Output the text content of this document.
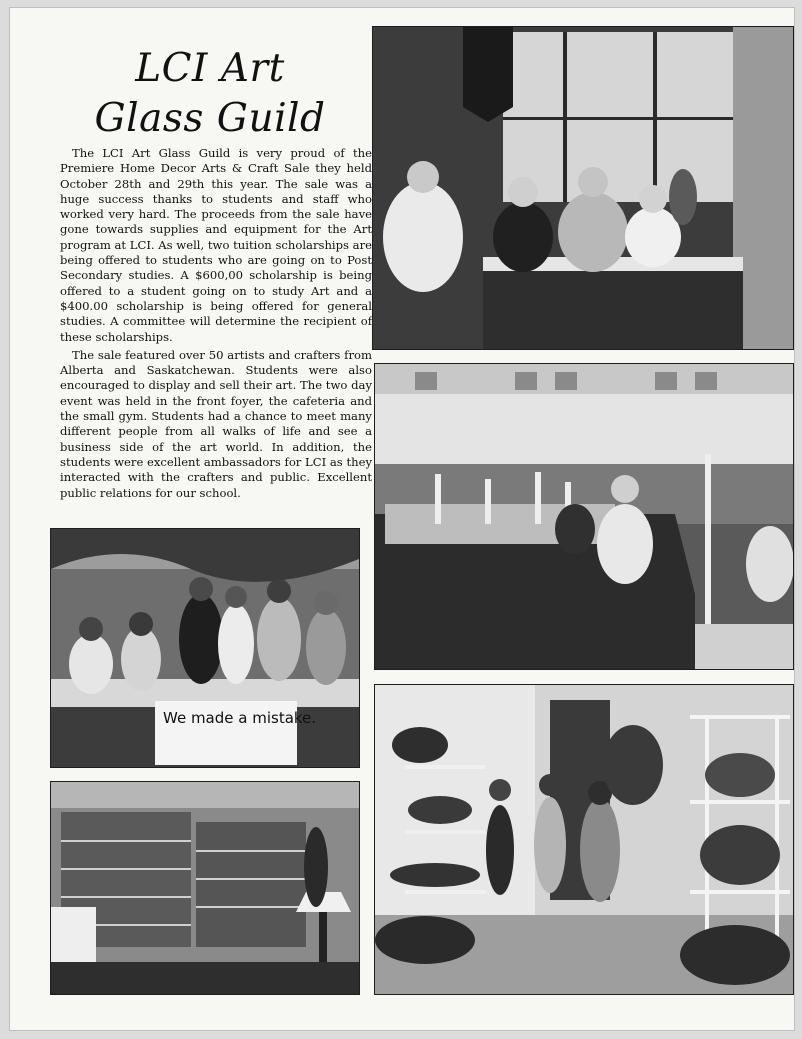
LCI Art
Glass Guild

The LCI Art Glass Guild is very proud of the Premiere Home Decor Arts & Craft Sale they held October 28th and 29th this year. The sale was a huge success thanks to students and staff who worked very hard. The proceeds from the sale have gone towards supplies and equipment for the Art program at LCI. As well, two tuition scholarships are being offered to students who are going on to Post Secondary studies. A $600,00 scholarship is being offered to a student going on to study Art and a $400.00 scholarship is being offered for general studies. A committee will determine the recipient of these scholarships.

The sale featured over 50 artists and crafters from Alberta and Saskatchewan. Students were also encouraged to display and sell their art. The two day event was held in the front foyer, the cafeteria and the small gym. Students had a chance to meet many different people from all walks of life and see a business side of the art world. In addition, the students were excellent ambassadors for LCI as they interacted with the crafters and public. Excellent public relations for our school.

We made a mistake.
